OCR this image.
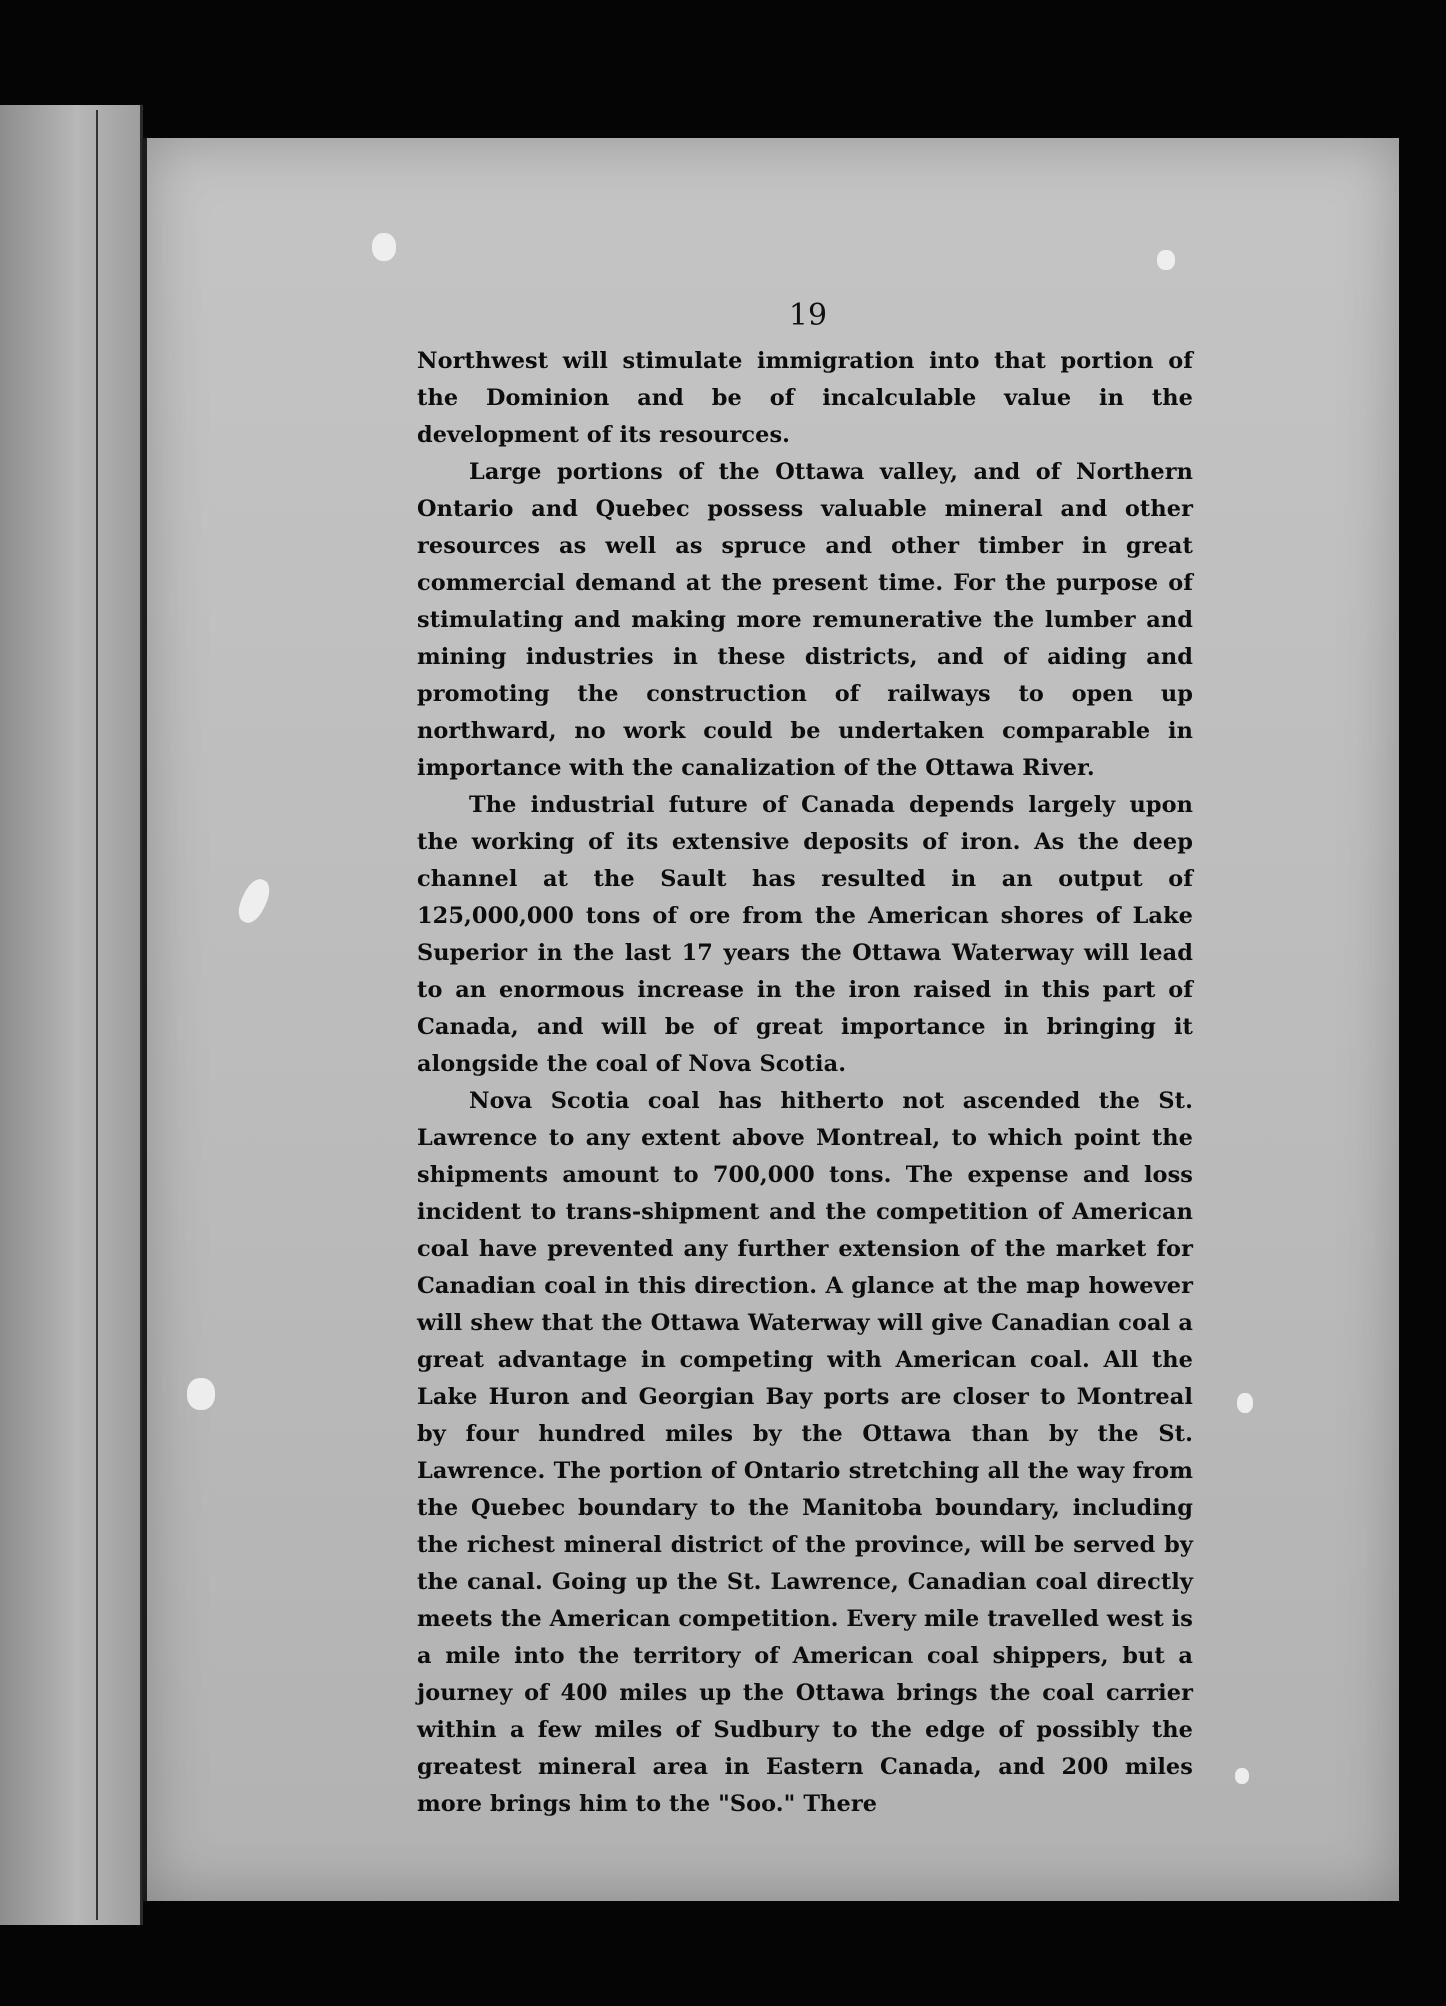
19

Northwest will stimulate immigration into that portion of the Dominion and be of incalculable value in the development of its resources.

Large portions of the Ottawa valley, and of Northern Ontario and Quebec possess valuable mineral and other resources as well as spruce and other timber in great commercial demand at the present time. For the purpose of stimulating and making more remunerative the lumber and mining industries in these districts, and of aiding and promoting the construction of railways to open up northward, no work could be undertaken comparable in importance with the canalization of the Ottawa River.

The industrial future of Canada depends largely upon the working of its extensive deposits of iron. As the deep channel at the Sault has resulted in an output of 125,000,000 tons of ore from the American shores of Lake Superior in the last 17 years the Ottawa Waterway will lead to an enormous increase in the iron raised in this part of Canada, and will be of great importance in bringing it alongside the coal of Nova Scotia.

Nova Scotia coal has hitherto not ascended the St. Lawrence to any extent above Montreal, to which point the shipments amount to 700,000 tons. The expense and loss incident to trans-shipment and the competition of American coal have prevented any further extension of the market for Canadian coal in this direction. A glance at the map however will shew that the Ottawa Waterway will give Canadian coal a great advantage in competing with American coal. All the Lake Huron and Georgian Bay ports are closer to Montreal by four hundred miles by the Ottawa than by the St. Lawrence. The portion of Ontario stretching all the way from the Quebec boundary to the Manitoba boundary, including the richest mineral district of the province, will be served by the canal. Going up the St. Lawrence, Canadian coal directly meets the American competition. Every mile travelled west is a mile into the territory of American coal shippers, but a journey of 400 miles up the Ottawa brings the coal carrier within a few miles of Sudbury to the edge of possibly the greatest mineral area in Eastern Canada, and 200 miles more brings him to the "Soo." There
